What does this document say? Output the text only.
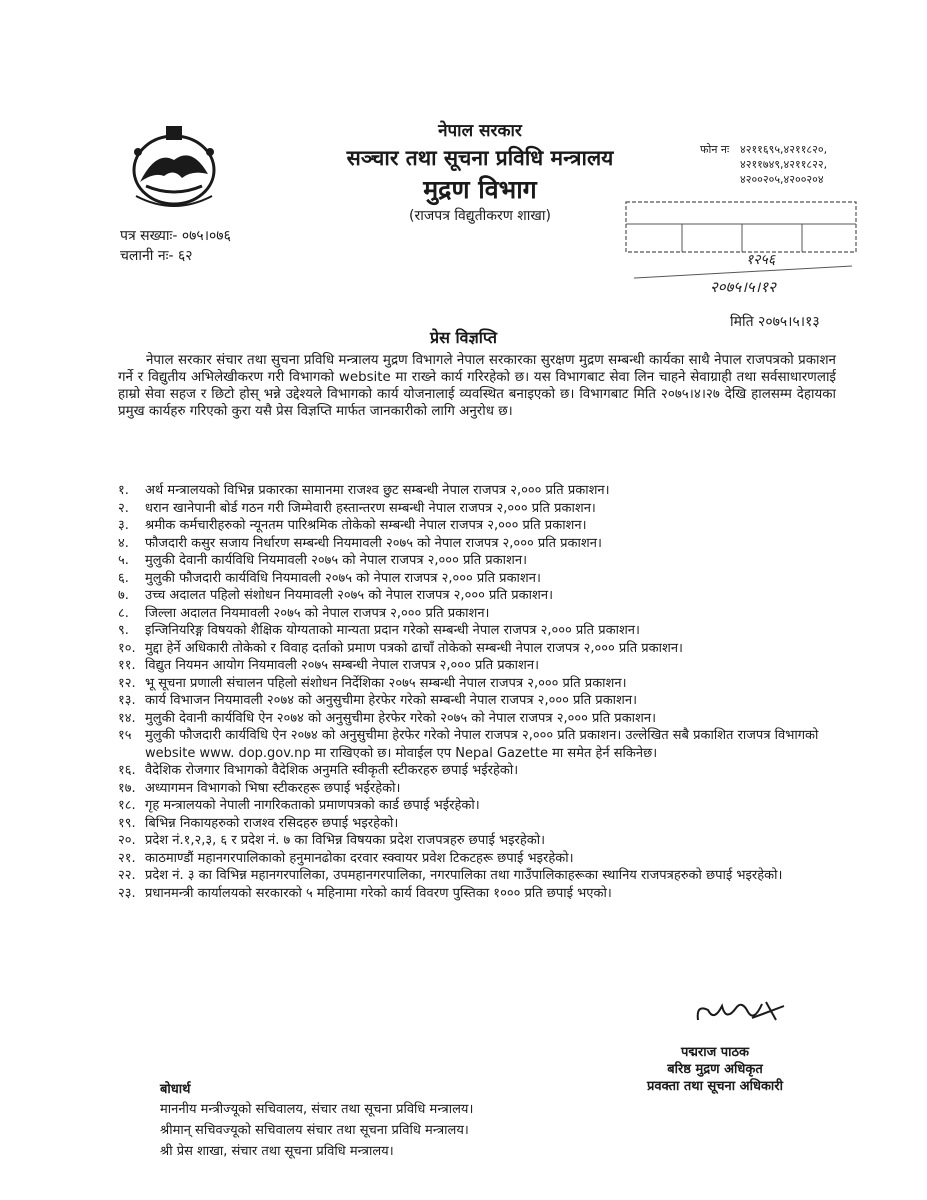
नेपाल सरकार
सञ्चार तथा सूचना प्रविधि मन्त्रालय
मुद्रण विभाग
(राजपत्र विद्युतीकरण शाखा)
फोन नः ४२११६९५,४२११८२०,
४२११७४९,४२११८२२,
४२००२०५,४२००२०४
१२५६
२०७५।५।१२
पत्र सख्याः- ०७५।०७६
चलानी नः- ६२
मिति २०७५।५।१३
प्रेस विज्ञप्ति
नेपाल सरकार संचार तथा सुचना प्रविधि मन्त्रालय मुद्रण विभागले नेपाल सरकारका सुरक्षण मुद्रण सम्बन्धी कार्यका साथै नेपाल राजपत्रको प्रकाशन गर्ने र विद्युतीय अभिलेखीकरण गरी विभागको website मा राख्ने कार्य गरिरहेको छ। यस विभागबाट सेवा लिन चाहने सेवाग्राही तथा सर्वसाधारणलाई हाम्रो सेवा सहज र छिटो होस् भन्ने उद्देश्यले विभागको कार्य योजनालाई व्यवस्थित बनाइएको छ। विभागबाट मिति २०७५।४।२७ देखि हालसम्म देहायका प्रमुख कार्यहरु गरिएको कुरा यसै प्रेस विज्ञप्ति मार्फत जानकारीको लागि अनुरोध छ।
१.	अर्थ मन्त्रालयको विभिन्न प्रकारका सामानमा राजश्व छुट सम्बन्धी नेपाल राजपत्र २,००० प्रति प्रकाशन।
२.	धरान खानेपानी बोर्ड गठन गरी जिम्मेवारी हस्तान्तरण सम्बन्धी नेपाल राजपत्र २,००० प्रति प्रकाशन।
३.	श्रमीक कर्मचारीहरुको न्यूनतम पारिश्रमिक तोकेको सम्बन्धी नेपाल राजपत्र २,००० प्रति प्रकाशन।
४.	फौजदारी कसुर सजाय निर्धारण सम्बन्धी नियमावली २०७५ को नेपाल राजपत्र २,००० प्रति प्रकाशन।
५.	मुलुकी देवानी कार्यविधि नियमावली २०७५ को नेपाल राजपत्र २,००० प्रति प्रकाशन।
६.	मुलुकी फौजदारी कार्यविधि नियमावली २०७५ को नेपाल राजपत्र २,००० प्रति प्रकाशन।
७.	उच्च अदालत पहिलो संशोधन नियमावली २०७५ को नेपाल राजपत्र २,००० प्रति प्रकाशन।
८.	जिल्ला अदालत नियमावली २०७५ को नेपाल राजपत्र २,००० प्रति प्रकाशन।
९.	इन्जिनियरिङ्ग विषयको शैक्षिक योग्यताको मान्यता प्रदान गरेको सम्बन्धी नेपाल राजपत्र २,००० प्रति प्रकाशन।
१०. मुद्दा हेर्ने अधिकारी तोकेको र विवाह दर्ताको प्रमाण पत्रको ढाचाँ तोकेको सम्बन्धी नेपाल राजपत्र २,००० प्रति प्रकाशन।
११. विद्युत नियमन आयोग नियमावली २०७५ सम्बन्धी नेपाल राजपत्र २,००० प्रति प्रकाशन।
१२. भू सूचना प्रणाली संचालन पहिलो संशोधन निर्देशिका २०७५ सम्बन्धी नेपाल राजपत्र २,००० प्रति प्रकाशन।
१३. कार्य विभाजन नियमावली २०७४ को अनुसुचीमा हेरफेर गरेको सम्बन्धी नेपाल राजपत्र २,००० प्रति प्रकाशन।
१४. मुलुकी देवानी कार्यविधि ऐन २०७४ को अनुसुचीमा हेरफेर गरेको २०७५ को नेपाल राजपत्र २,००० प्रति प्रकाशन।
१५	मुलुकी फौजदारी कार्यविधि ऐन २०७४ को अनुसुचीमा हेरफेर गरेको नेपाल राजपत्र २,००० प्रति प्रकाशन। उल्लेखित सबै प्रकाशित राजपत्र विभागको website www. dop.gov.np मा राखिएको छ। मोवाईल एप Nepal Gazette मा समेत हेर्न सकिनेछ।
१६. वैदेशिक रोजगार विभागको वैदेशिक अनुमति स्वीकृती स्टीकरहरु छपाई भईरहेको।
१७. अध्यागमन विभागको भिषा स्टीकरहरू छपाई भईरहेको।
१८. गृह मन्त्रालयको नेपाली नागरिकताको प्रमाणपत्रको कार्ड छपाई भईरहेको।
१९. बिभिन्न निकायहरुको राजश्व रसिदहरु छपाई भइरहेको।
२०. प्रदेश नं.१,२,३, ६ र प्रदेश नं. ७ का विभिन्न विषयका प्रदेश राजपत्रहरु छपाई भइरहेको।
२१. काठमाण्डौं महानगरपालिकाको हनुमानढोका दरवार स्क्वायर प्रवेश टिकटहरू छपाई भइरहेको।
२२. प्रदेश नं. ३ का विभिन्न महानगरपालिका, उपमहानगरपालिका, नगरपालिका तथा गाउँपालिकाहरूका स्थानिय राजपत्रहरुको छपाई भइरहेको।
२३. प्रधानमन्त्री कार्यालयको सरकारको ५ महिनामा गरेको कार्य विवरण पुस्तिका १००० प्रति छपाई भएको।
पद्मराज पाठक
बरिष्ठ मुद्रण अधिकृत
प्रवक्ता तथा सूचना अधिकारी
बोधार्थ
माननीय मन्त्रीज्यूको सचिवालय, संचार तथा सूचना प्रविधि मन्त्रालय।
श्रीमान् सचिवज्यूको सचिवालय संचार तथा सूचना प्रविधि मन्त्रालय।
श्री प्रेस शाखा, संचार तथा सूचना प्रविधि मन्त्रालय।
